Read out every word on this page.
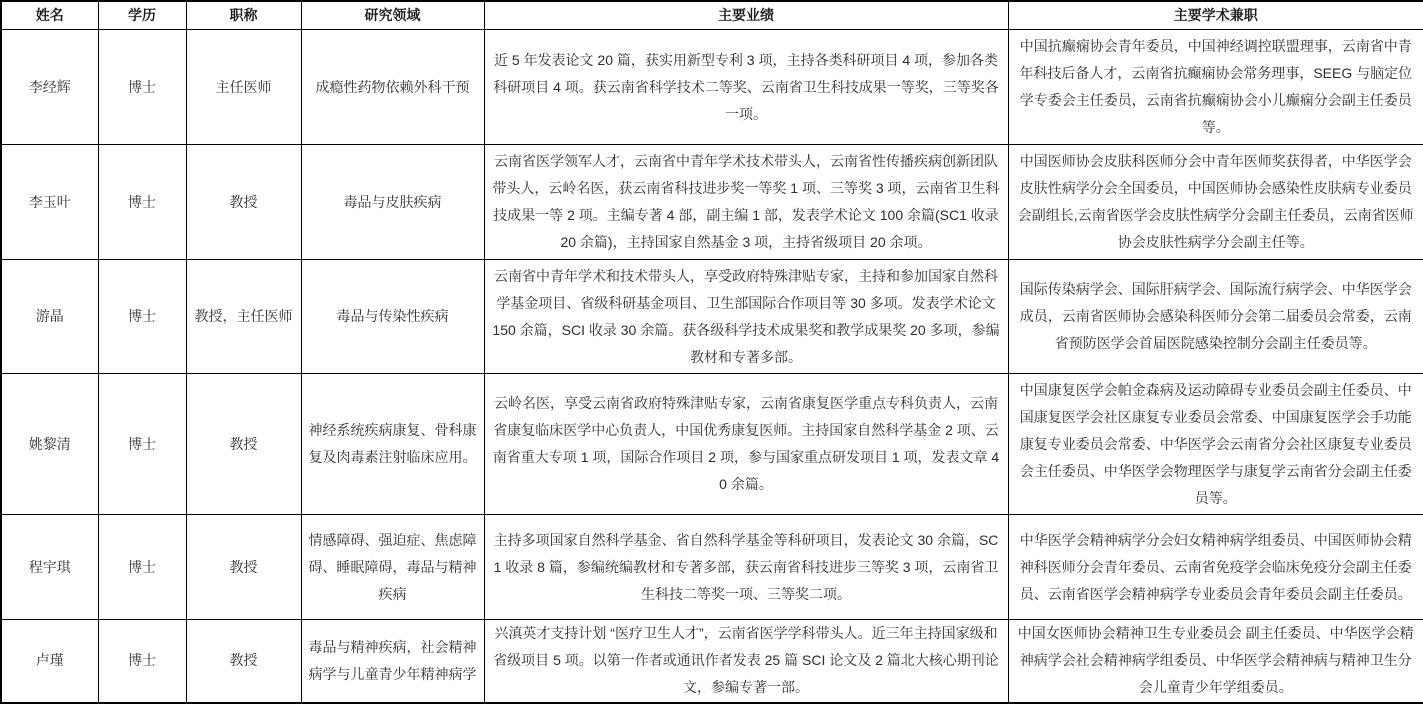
姓名	学历	职称	研究领域	主要业绩	主要学术兼职
李经辉	博士	主任医师	成瘾性药物依赖外科干预	近 5 年发表论文 20 篇，获实用新型专利 3 项，主持各类科研项目 4 项，参加各类科研项目 4 项。获云南省科学技术二等奖、云南省卫生科技成果一等奖，三等奖各一项。	中国抗癫痫协会青年委员，中国神经调控联盟理事，云南省中青年科技后备人才，云南省抗癫痫协会常务理事，SEEG 与脑定位学专委会主任委员，云南省抗癫痫协会小儿癫痫分会副主任委员等。
李玉叶	博士	教授	毒品与皮肤疾病	云南省医学领军人才，云南省中青年学术技术带头人，云南省性传播疾病创新团队带头人，云岭名医，获云南省科技进步奖一等奖 1 项、三等奖 3 项，云南省卫生科技成果一等 2 项。主编专著 4 部，副主编 1 部，发表学术论文 100 余篇(SC1 收录 20 余篇)，主持国家自然基金 3 项，主持省级项目 20 余项。	中国医师协会皮肤科医师分会中青年医师奖获得者，中华医学会皮肤性病学分会全国委员，中国医师协会感染性皮肤病专业委员会副组长,云南省医学会皮肤性病学分会副主任委员，云南省医师协会皮肤性病学分会副主任等。
游晶	博士	教授，主任医师	毒品与传染性疾病	云南省中青年学术和技术带头人，享受政府特殊津贴专家，主持和参加国家自然科学基金项目、省级科研基金项目、卫生部国际合作项目等 30 多项。发表学术论文 150 余篇，SCI 收录 30 余篇。获各级科学技术成果奖和教学成果奖 20 多项，参编教材和专著多部。	国际传染病学会、国际肝病学会、国际流行病学会、中华医学会成员，云南省医师协会感染科医师分会第二届委员会常委，云南省预防医学会首届医院感染控制分会副主任委员等。
姚黎清	博士	教授	神经系统疾病康复、骨科康复及肉毒素注射临床应用。	云岭名医，享受云南省政府特殊津贴专家，云南省康复医学重点专科负责人，云南省康复临床医学中心负责人，中国优秀康复医师。主持国家自然科学基金 2 项、云南省重大专项 1 项，国际合作项目 2 项，参与国家重点研发项目 1 项，发表文章 40 余篇。	中国康复医学会帕金森病及运动障碍专业委员会副主任委员、中国康复医学会社区康复专业委员会常委、中国康复医学会手功能康复专业委员会常委、中华医学会云南省分会社区康复专业委员会主任委员、中华医学会物理医学与康复学云南省分会副主任委员等。
程宇琪	博士	教授	情感障碍、强迫症、焦虑障碍、睡眠障碍，毒品与精神疾病	主持多项国家自然科学基金、省自然科学基金等科研项目，发表论文 30 余篇，SC1 收录 8 篇，参编统编教材和专著多部，获云南省科技进步三等奖 3 项，云南省卫生科技二等奖一项、三等奖二项。	中华医学会精神病学分会妇女精神病学组委员、中国医师协会精神科医师分会青年委员、云南省免疫学会临床免疫分会副主任委员、云南省医学会精神病学专业委员会青年委员会副主任委员。
卢瑾	博士	教授	毒品与精神疾病，社会精神病学与儿童青少年精神病学	兴滇英才支持计划 “医疗卫生人才”，云南省医学学科带头人。近三年主持国家级和省级项目 5 项。以第一作者或通讯作者发表 25 篇 SCI 论文及 2 篇北大核心期刊论文，参编专著一部。	中国女医师协会精神卫生专业委员会 副主任委员、中华医学会精神病学会社会精神病学组委员、中华医学会精神病与精神卫生分会儿童青少年学组委员。
